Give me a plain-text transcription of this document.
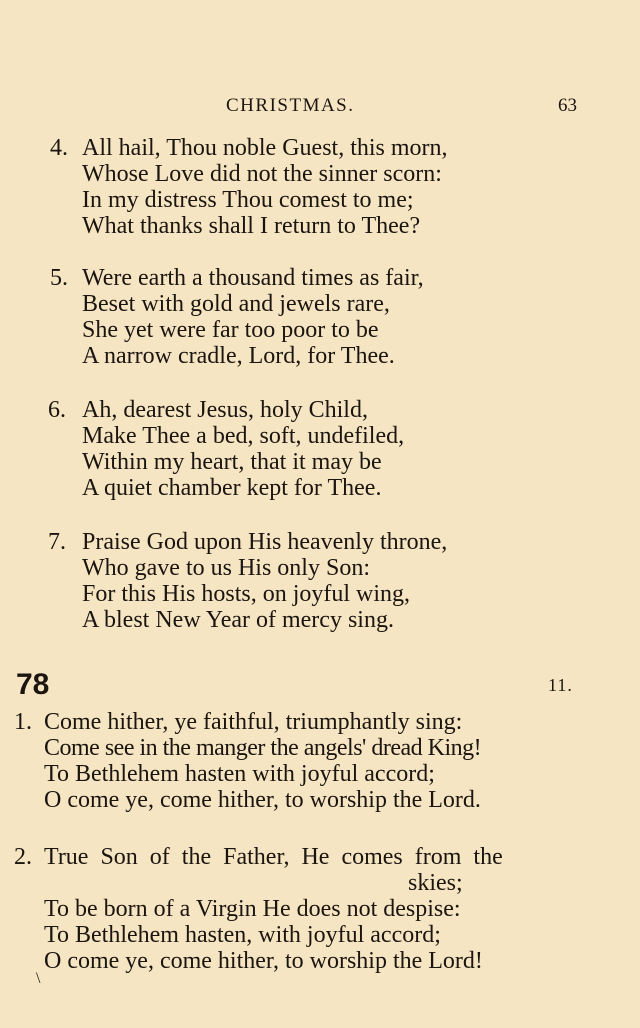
CHRISTMAS.	63
4. All hail, Thou noble Guest, this morn,
Whose Love did not the sinner scorn:
In my distress Thou comest to me;
What thanks shall I return to Thee?
5. Were earth a thousand times as fair,
Beset with gold and jewels rare,
She yet were far too poor to be
A narrow cradle, Lord, for Thee.
6. Ah, dearest Jesus, holy Child,
Make Thee a bed, soft, undefiled,
Within my heart, that it may be
A quiet chamber kept for Thee.
7. Praise God upon His heavenly throne,
Who gave to us His only Son:
For this His hosts, on joyful wing,
A blest New Year of mercy sing.
78	11.
1. Come hither, ye faithful, triumphantly sing:
Come see in the manger the angels' dread King!
To Bethlehem hasten with joyful accord;
O come ye, come hither, to worship the Lord.
2. True Son of the Father, He comes from the
skies;
To be born of a Virgin He does not despise:
To Bethlehem hasten, with joyful accord;
O come ye, come hither, to worship the Lord!
\
